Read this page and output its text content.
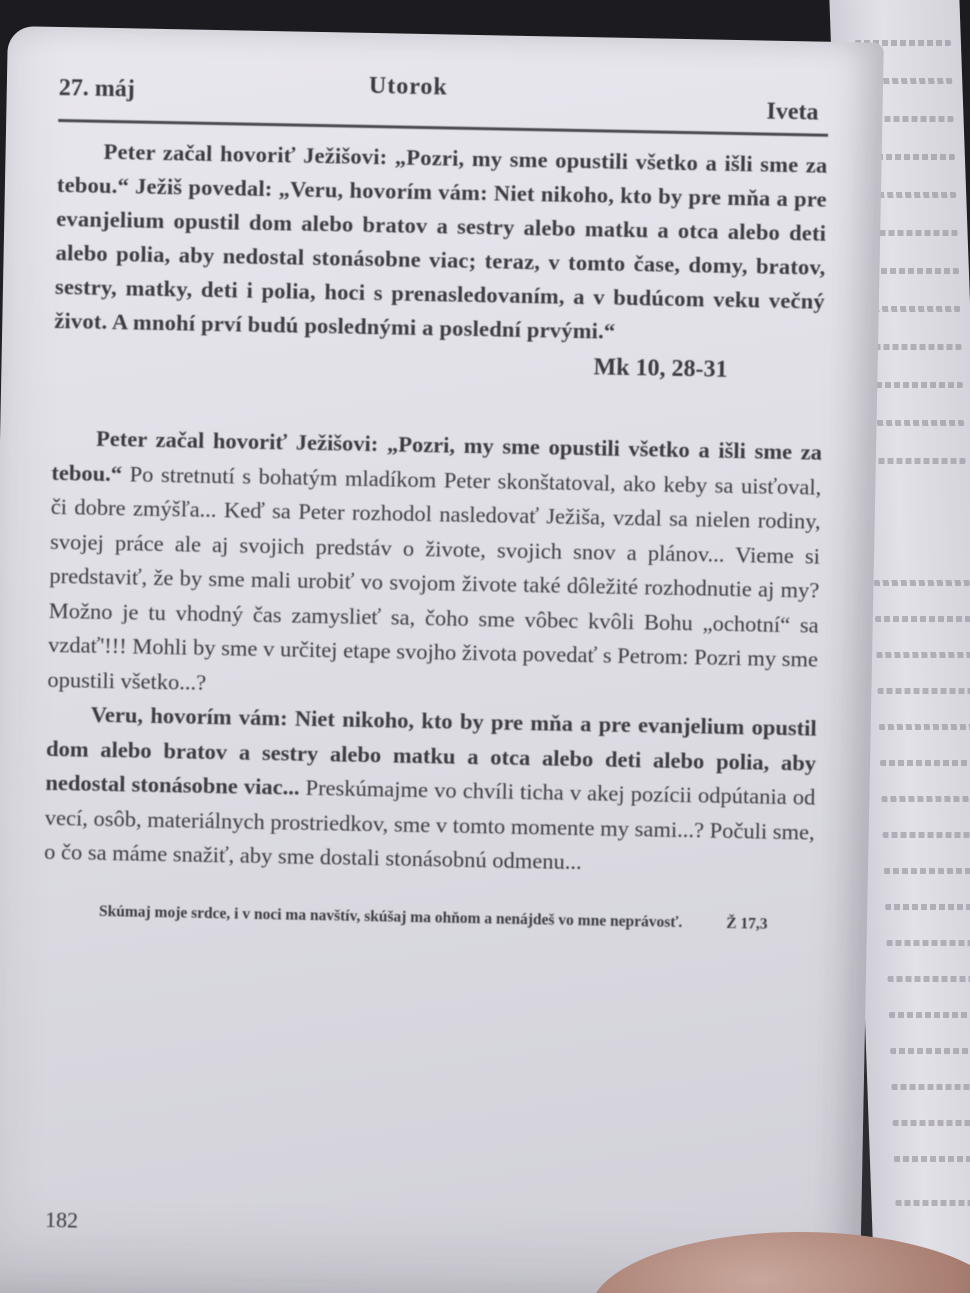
27. máj	Utorok
Iveta

Peter začal hovoriť Ježišovi: „Pozri, my sme opustili všetko a išli sme za tebou.“ Ježiš povedal: „Veru, hovorím vám: Niet nikoho, kto by pre mňa a pre evanjelium opustil dom alebo bratov a sestry alebo matku a otca alebo deti alebo polia, aby nedostal stonásobne viac; teraz, v tomto čase, domy, bratov, sestry, matky, deti i polia, hoci s prenasledovaním, a v budúcom veku večný život. A mnohí prví budú poslednými a poslední prvými.“

Mk 10, 28-31

Peter začal hovoriť Ježišovi: „Pozri, my sme opustili všetko a išli sme za tebou.“ Po stretnutí s bohatým mladíkom Peter skonštatoval, ako keby sa uisťoval, či dobre zmýšľa... Keď sa Peter rozhodol nasledovať Ježiša, vzdal sa nielen rodiny, svojej práce ale aj svojich predstáv o živote, svojich snov a plánov... Vieme si predstaviť, že by sme mali urobiť vo svojom živote také dôležité rozhodnutie aj my? Možno je tu vhodný čas zamyslieť sa, čoho sme vôbec kvôli Bohu „ochotní“ sa vzdať'!!! Mohli by sme v určitej etape svojho života povedať s Petrom: Pozri my sme opustili všetko...?

Veru, hovorím vám: Niet nikoho, kto by pre mňa a pre evanjelium opustil dom alebo bratov a sestry alebo matku a otca alebo deti alebo polia, aby nedostal stonásobne viac... Preskúmajme vo chvíli ticha v akej pozícii odpútania od vecí, osôb, materiálnych prostriedkov, sme v tomto momente my sami...? Počuli sme, o čo sa máme snažiť, aby sme dostali stonásobnú odmenu...

Skúmaj moje srdce, i v noci ma navštív, skúšaj ma ohňom a nenájdeš vo mne neprávosť.	Ž 17,3
182
